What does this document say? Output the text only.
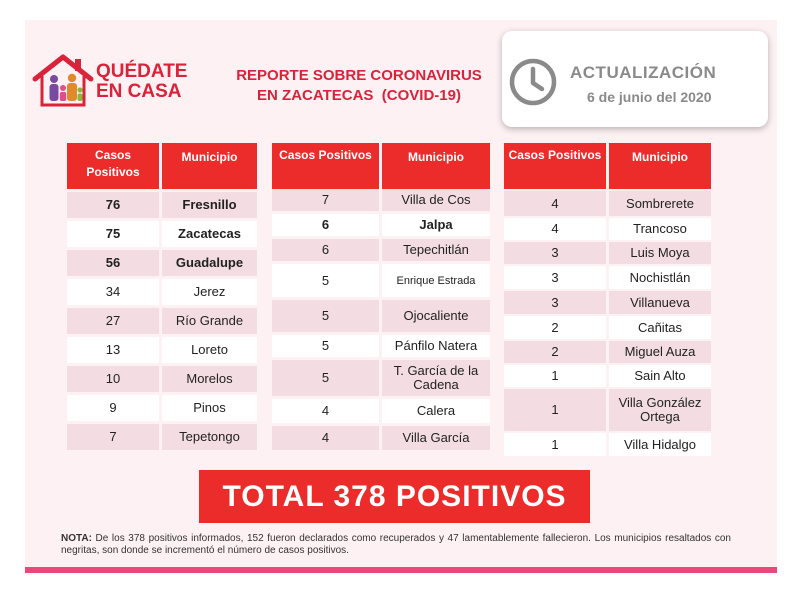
QUÉDATE
EN CASA
REPORTE SOBRE CORONAVIRUS
EN ZACATECAS  (COVID-19)
ACTUALIZACIÓN
6 de junio del 2020
Casos Positivos
Municipio
76	Fresnillo
75	Zacatecas
56	Guadalupe
34	Jerez
27	Río Grande
13	Loreto
10	Morelos
9	Pinos
7	Tepetongo
Casos Positivos	Municipio
7	Villa de Cos
6	Jalpa
6	Tepechitlán
5	Enrique Estrada
5	Ojocaliente
5	Pánfilo Natera
5	T. García de la Cadena
4	Calera
4	Villa García
Casos Positivos	Municipio
4	Sombrerete
4	Trancoso
3	Luis Moya
3	Nochistlán
3	Villanueva
2	Cañitas
2	Miguel Auza
1	Sain Alto
1	Villa González Ortega
1	Villa Hidalgo
TOTAL 378 POSITIVOS
NOTA: De los 378 positivos informados, 152 fueron declarados como recuperados y 47 lamentablemente fallecieron. Los municipios resaltados con negritas, son donde se incrementó el número de casos positivos.
